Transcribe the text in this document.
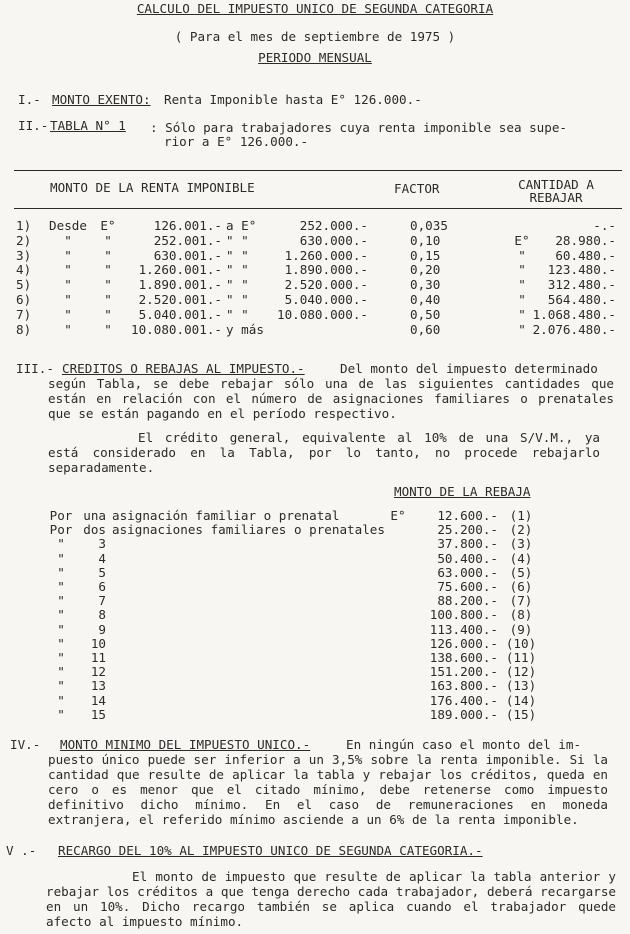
CALCULO DEL IMPUESTO UNICO DE SEGUNDA CATEGORIA
( Para el mes de septiembre de 1975 )
PERIODO MENSUAL
I.- MONTO EXENTO: Renta Imponible hasta E° 126.000.-
II.- TABLA N° 1 : Sólo para trabajadores cuya renta imponible sea supe-
rior a E° 126.000.-
MONTO DE LA RENTA IMPONIBLE	FACTOR	CANTIDAD A
REBAJAR
1) Desde	E°	126.001.- a E°	252.000.-	0,035	-.-
2)	"	"	252.001.- " "	630.000.-	0,10	E°	28.980.-
3)	"	"	630.001.- " "	1.260.000.-	0,15	"	60.480.-
4)	"	"	1.260.001.- " "	1.890.000.-	0,20	"	123.480.-
5)	"	"	1.890.001.- " "	2.520.000.-	0,30	"	312.480.-
6)	"	"	2.520.001.- " "	5.040.000.-	0,40	"	564.480.-
7)	"	"	5.040.001.- " "	10.080.000.-	0,50	" 1.068.480.-
8)	"	"	10.080.001.- y más	0,60	" 2.076.480.-
III.- CREDITOS O REBAJAS AL IMPUESTO.-	Del monto del impuesto determinado
según Tabla, se debe rebajar sólo una de las siguientes cantidades que están en relación con el número de asignaciones familiares o prenatales que se están pagando en el período respectivo.
El crédito general, equivalente al 10% de una S/V.M., ya está considerado en la Tabla, por lo tanto, no procede rebajarlo separadamente.
MONTO DE LA REBAJA
Por una asignación familiar o prenatal	E°	12.600.- (1)
Por dos asignaciones familiares o prenatales	25.200.- (2)
"	3	37.800.- (3)
"	4	50.400.- (4)
"	5	63.000.- (5)
"	6	75.600.- (6)
"	7	88.200.- (7)
"	8	100.800.- (8)
"	9	113.400.- (9)
"	10	126.000.- (10)
"	11	138.600.- (11)
"	12	151.200.- (12)
"	13	163.800.- (13)
"	14	176.400.- (14)
"	15	189.000.- (15)
IV.- MONTO MINIMO DEL IMPUESTO UNICO.-	En ningún caso el monto del im-
puesto único puede ser inferior a un 3,5% sobre la renta imponible. Si la cantidad que resulte de aplicar la tabla y rebajar los créditos, queda en cero o es menor que el citado mínimo, debe retenerse como impuesto definitivo dicho mínimo. En el caso de remuneraciones en moneda extranjera, el referido mínimo asciende a un 6% de la renta imponible.
V .- RECARGO DEL 10% AL IMPUESTO UNICO DE SEGUNDA CATEGORIA.-
El monto de impuesto que resulte de aplicar la tabla anterior y rebajar los créditos a que tenga derecho cada trabajador, deberá recargarse en un 10%. Dicho recargo también se aplica cuando el trabajador quede afecto al impuesto mínimo.
